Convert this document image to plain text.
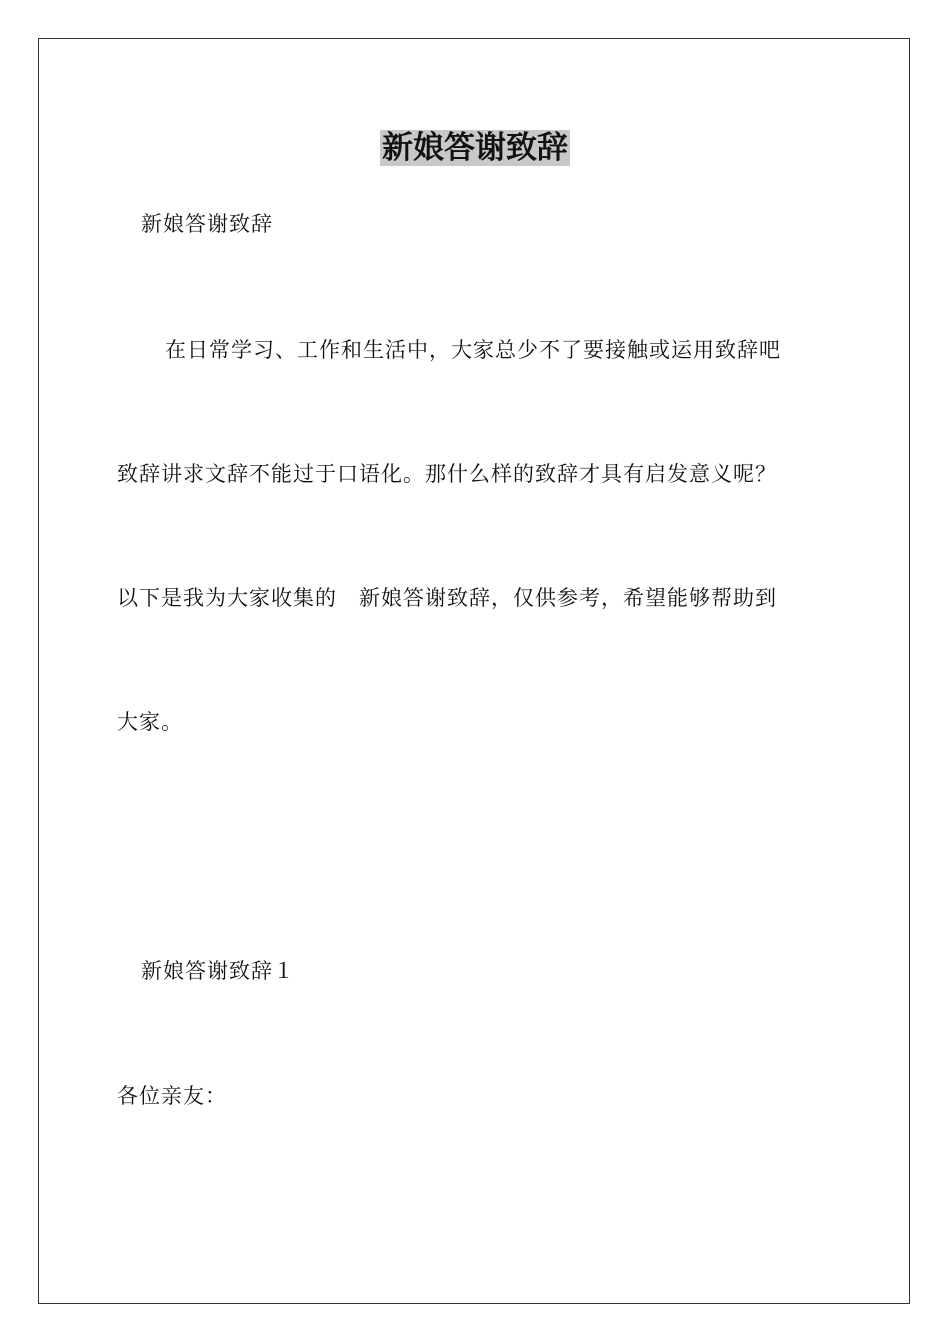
新娘答谢致辞
新娘答谢致辞
在日常学习、工作和生活中，大家总少不了要接触或运用致辞吧
致辞讲求文辞不能过于口语化。那什么样的致辞才具有启发意义呢？
以下是我为大家收集的　新娘答谢致辞，仅供参考，希望能够帮助到
大家。
新娘答谢致辞１
各位亲友：
